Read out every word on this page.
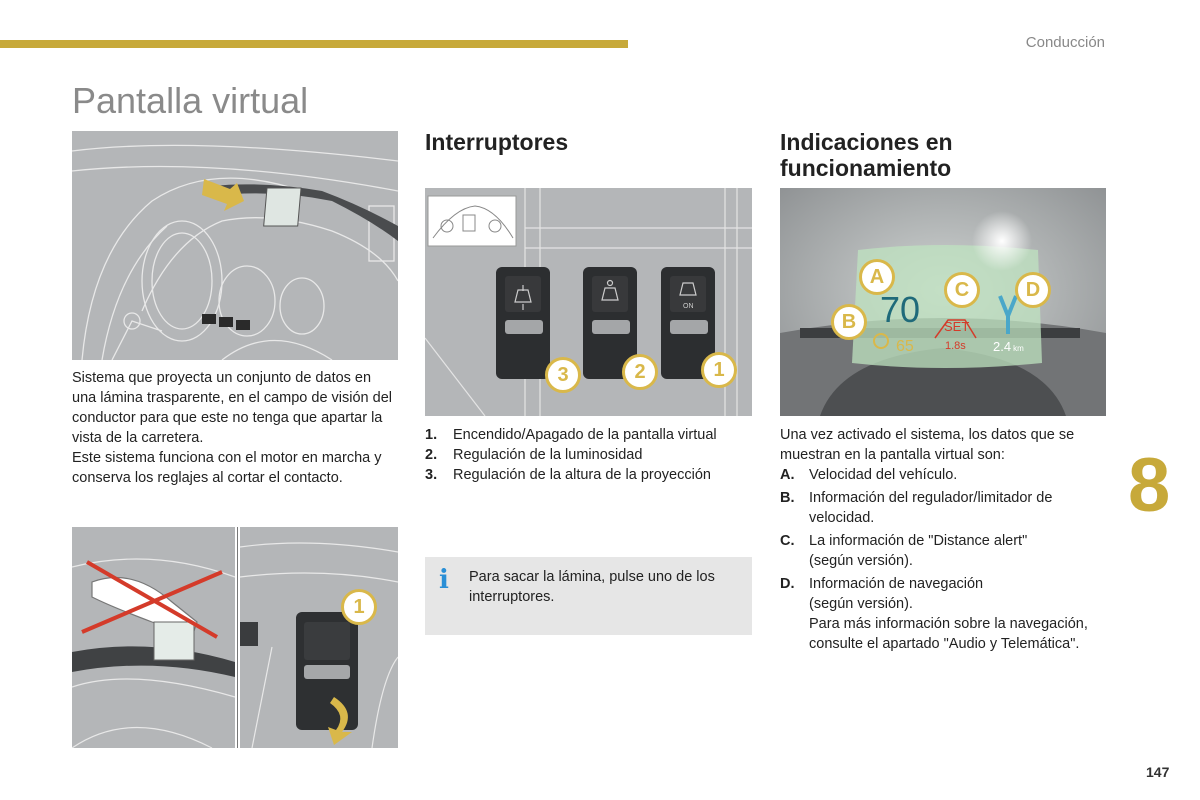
Conducción
Pantalla virtual

Sistema que proyecta un conjunto de datos en una lámina trasparente, en el campo de visión del conductor para que este no tenga que apartar la vista de la carretera.

Este sistema funciona con el motor en marcha y conserva los reglajes al cortar el contacto.

1
Interruptores
ON
3	2	1
1.	Encendido/Apagado de la pantalla virtual
2.	Regulación de la luminosidad
3.	Regulación de la altura de la proyección
i Para sacar la lámina, pulse uno de los interruptores.
Indicaciones en
funcionamiento
70
65
SET
1.8s 2.4 km
A
B
C	D

Una vez activado el sistema, los datos que se muestran en la pantalla virtual son:

A.	Velocidad del vehículo.
B.	Información del regulador/limitador de velocidad.
C.	La información de "Distance alert" (según versión).
D.	Información de navegación (según versión).
Para más información sobre la navegación, consulte el apartado "Audio y Telemática".
8
147
